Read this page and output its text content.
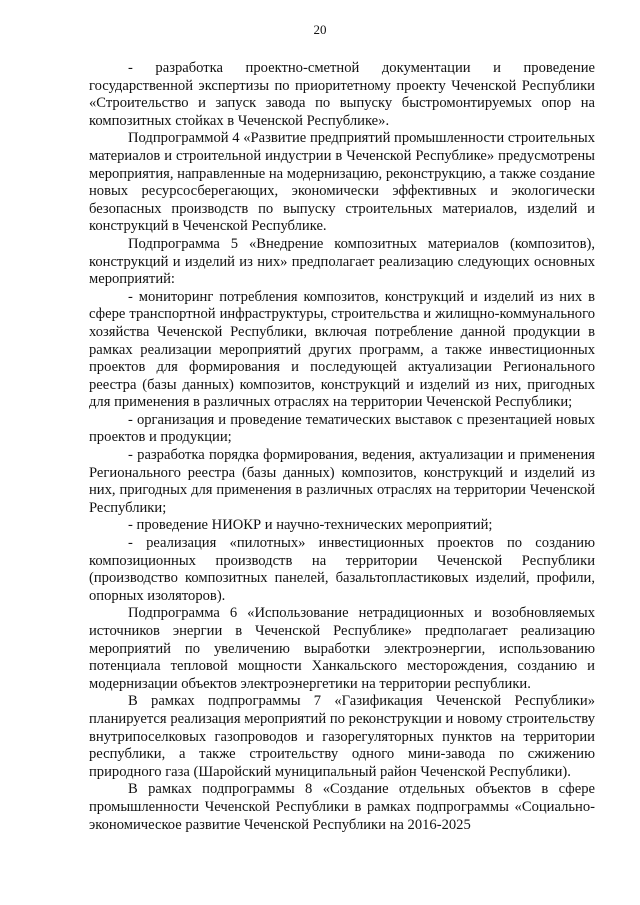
20

- разработка проектно-сметной документации и проведение государственной экспертизы по приоритетному проекту Чеченской Республики «Строительство и запуск завода по выпуску быстромонтируемых опор на композитных стойках в Чеченской Республике».

Подпрограммой 4 «Развитие предприятий промышленности строительных материалов и строительной индустрии в Чеченской Республике» предусмотрены мероприятия, направленные на модернизацию, реконструкцию, а также создание новых ресурсосберегающих, экономически эффективных и экологически безопасных производств по выпуску строительных материалов, изделий и конструкций в Чеченской Республике.

Подпрограмма 5 «Внедрение композитных материалов (композитов), конструкций и изделий из них» предполагает реализацию следующих основных мероприятий:

- мониторинг потребления композитов, конструкций и изделий из них в сфере транспортной инфраструктуры, строительства и жилищно-коммунального хозяйства Чеченской Республики, включая потребление данной продукции в рамках реализации мероприятий других программ, а также инвестиционных проектов для формирования и последующей актуализации Регионального реестра (базы данных) композитов, конструкций и изделий из них, пригодных для применения в различных отраслях на территории Чеченской Республики;

- организация и проведение тематических выставок с презентацией новых проектов и продукции;

- разработка порядка формирования, ведения, актуализации и применения Регионального реестра (базы данных) композитов, конструкций и изделий из них, пригодных для применения в различных отраслях на территории Чеченской Республики;

- проведение НИОКР и научно-технических мероприятий;

- реализация «пилотных» инвестиционных проектов по созданию композиционных производств на территории Чеченской Республики (производство композитных панелей, базальтопластиковых изделий, профили, опорных изоляторов).

Подпрограмма 6 «Использование нетрадиционных и возобновляемых источников энергии в Чеченской Республике» предполагает реализацию мероприятий по увеличению выработки электроэнергии, использованию потенциала тепловой мощности Ханкальского месторождения, созданию и модернизации объектов электроэнергетики на территории республики.

В рамках подпрограммы 7 «Газификация Чеченской Республики» планируется реализация мероприятий по реконструкции и новому строительству внутрипоселковых газопроводов и газорегуляторных пунктов на территории республики, а также строительству одного мини-завода по сжижению природного газа (Шаройский муниципальный район Чеченской Республики).

В рамках подпрограммы 8 «Создание отдельных объектов в сфере промышленности Чеченской Республики в рамках подпрограммы «Социально-экономическое развитие Чеченской Республики на 2016-2025
